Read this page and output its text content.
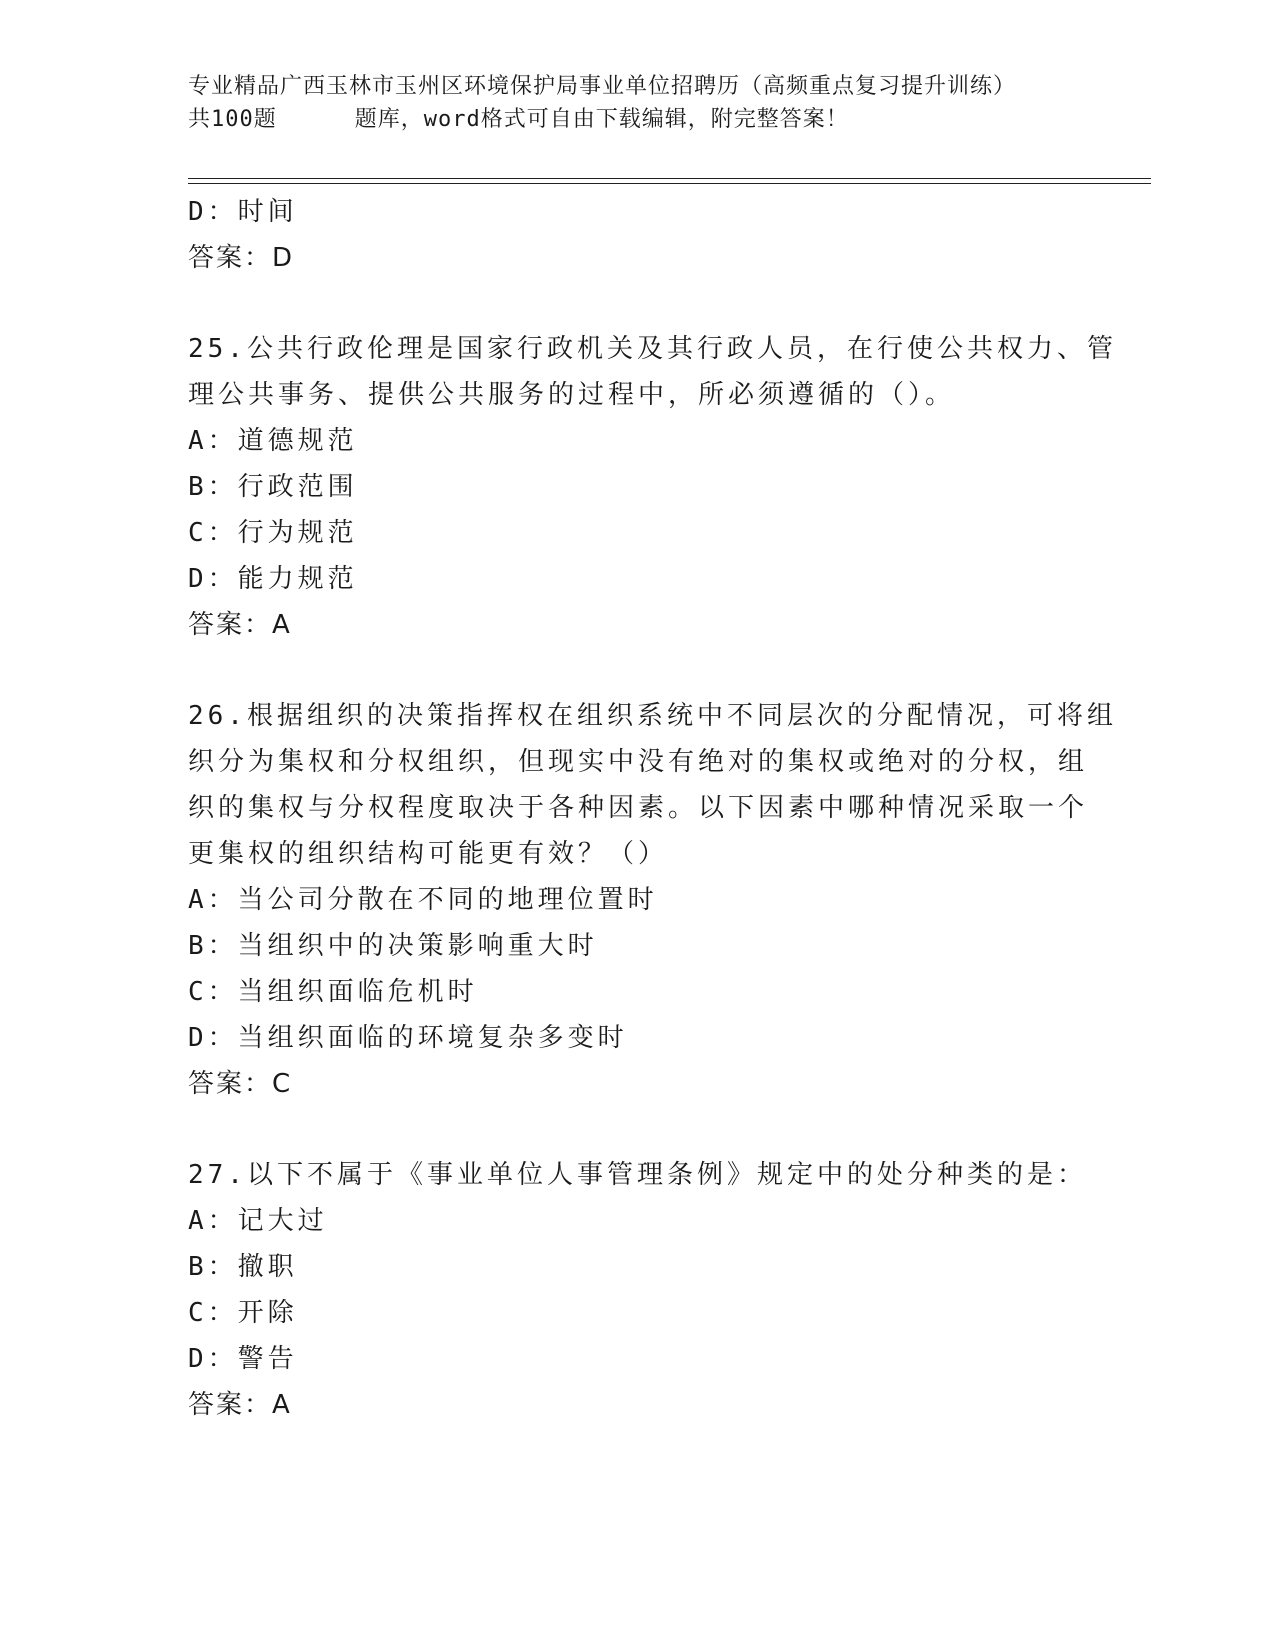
专业精品广西玉林市玉州区环境保护局事业单位招聘历（高频重点复习提升训练）
共100题	题库，word格式可自由下载编辑，附完整答案！
D：时间
答案：D
25.公共行政伦理是国家行政机关及其行政人员，在行使公共权力、管
理公共事务、提供公共服务的过程中，所必须遵循的（）。
A：道德规范
B：行政范围
C：行为规范
D：能力规范
答案：A
26.根据组织的决策指挥权在组织系统中不同层次的分配情况，可将组
织分为集权和分权组织，但现实中没有绝对的集权或绝对的分权，组
织的集权与分权程度取决于各种因素。以下因素中哪种情况采取一个
更集权的组织结构可能更有效？（）
A：当公司分散在不同的地理位置时
B：当组织中的决策影响重大时
C：当组织面临危机时
D：当组织面临的环境复杂多变时
答案：C
27.以下不属于《事业单位人事管理条例》规定中的处分种类的是：
A：记大过
B：撤职
C：开除
D：警告
答案：A
